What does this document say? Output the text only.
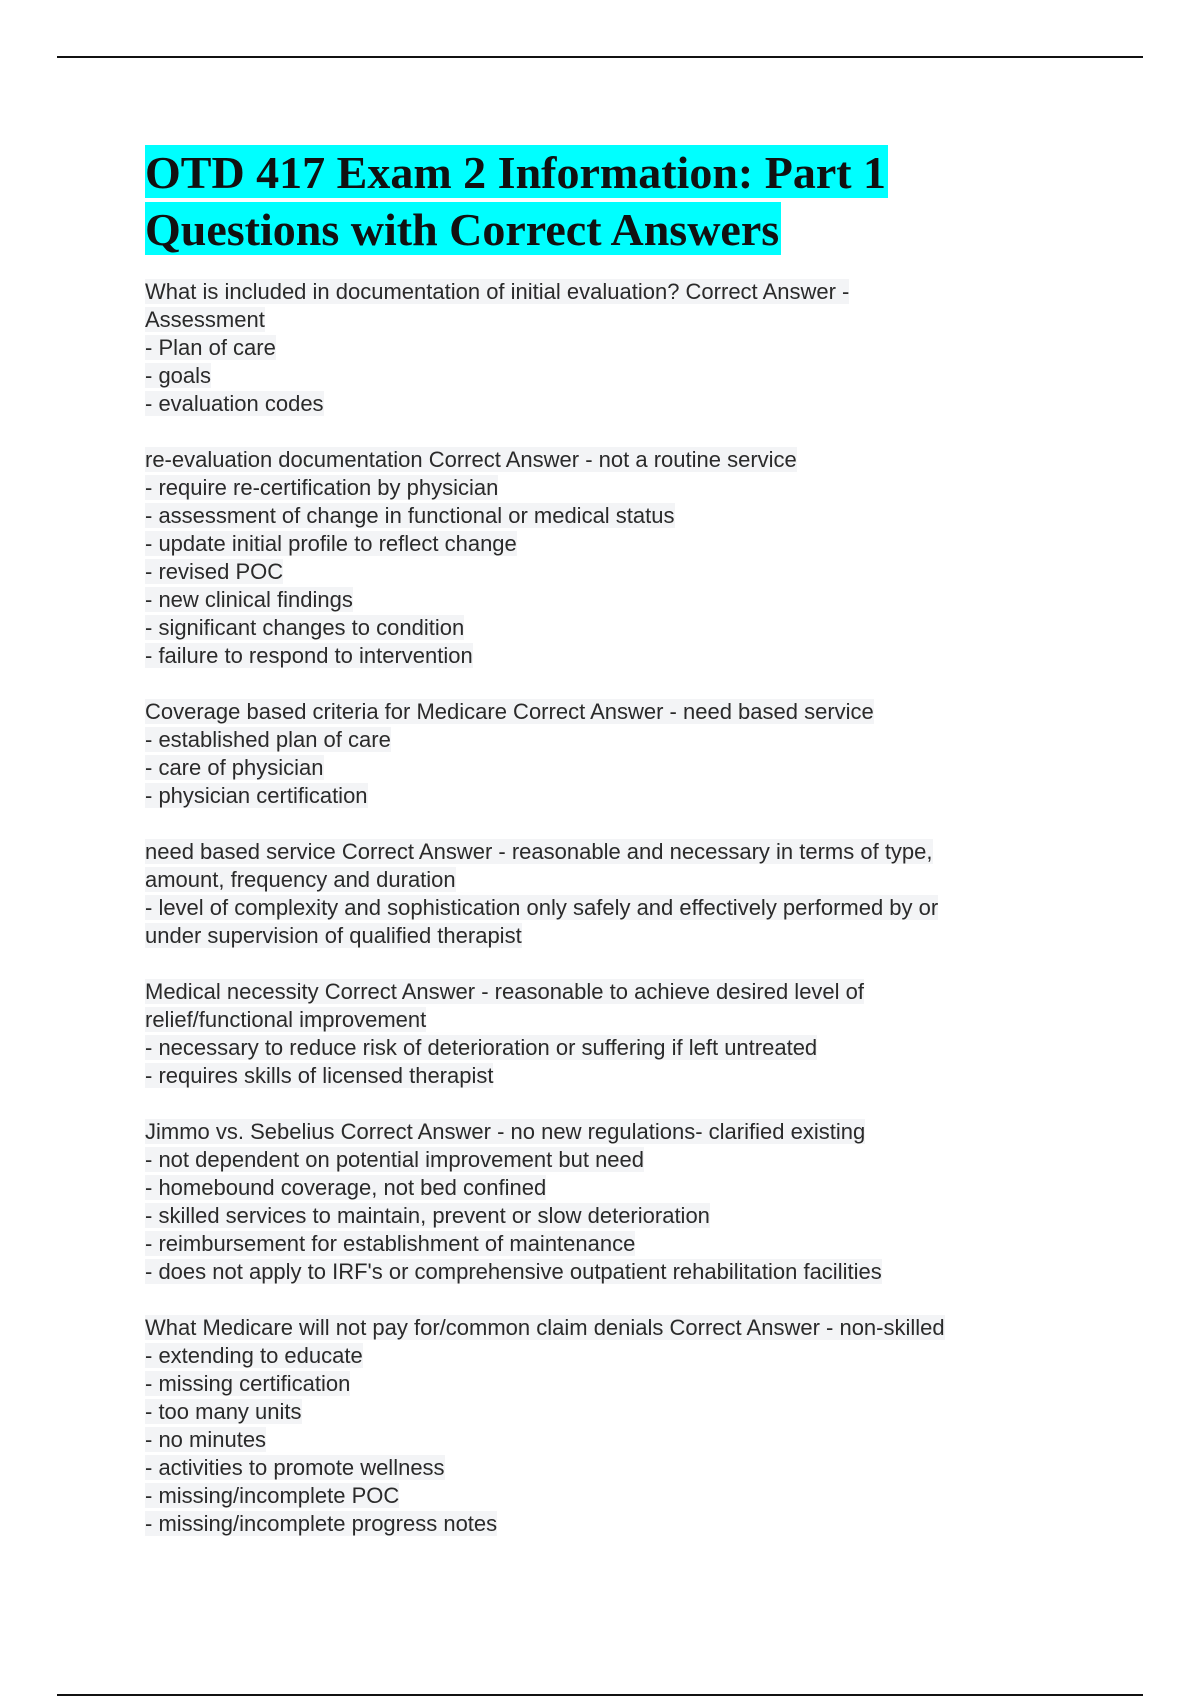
OTD 417 Exam 2 Information: Part 1
Questions with Correct Answers
What is included in documentation of initial evaluation? Correct Answer -
Assessment
- Plan of care
- goals
- evaluation codes
re-evaluation documentation Correct Answer - not a routine service
- require re-certification by physician
- assessment of change in functional or medical status
- update initial profile to reflect change
- revised POC
- new clinical findings
- significant changes to condition
- failure to respond to intervention
Coverage based criteria for Medicare Correct Answer - need based service
- established plan of care
- care of physician
- physician certification
need based service Correct Answer - reasonable and necessary in terms of type,
amount, frequency and duration
- level of complexity and sophistication only safely and effectively performed by or
under supervision of qualified therapist
Medical necessity Correct Answer - reasonable to achieve desired level of
relief/functional improvement
- necessary to reduce risk of deterioration or suffering if left untreated
- requires skills of licensed therapist
Jimmo vs. Sebelius Correct Answer - no new regulations- clarified existing
- not dependent on potential improvement but need
- homebound coverage, not bed confined
- skilled services to maintain, prevent or slow deterioration
- reimbursement for establishment of maintenance
- does not apply to IRF's or comprehensive outpatient rehabilitation facilities
What Medicare will not pay for/common claim denials Correct Answer - non-skilled
- extending to educate
- missing certification
- too many units
- no minutes
- activities to promote wellness
- missing/incomplete POC
- missing/incomplete progress notes
